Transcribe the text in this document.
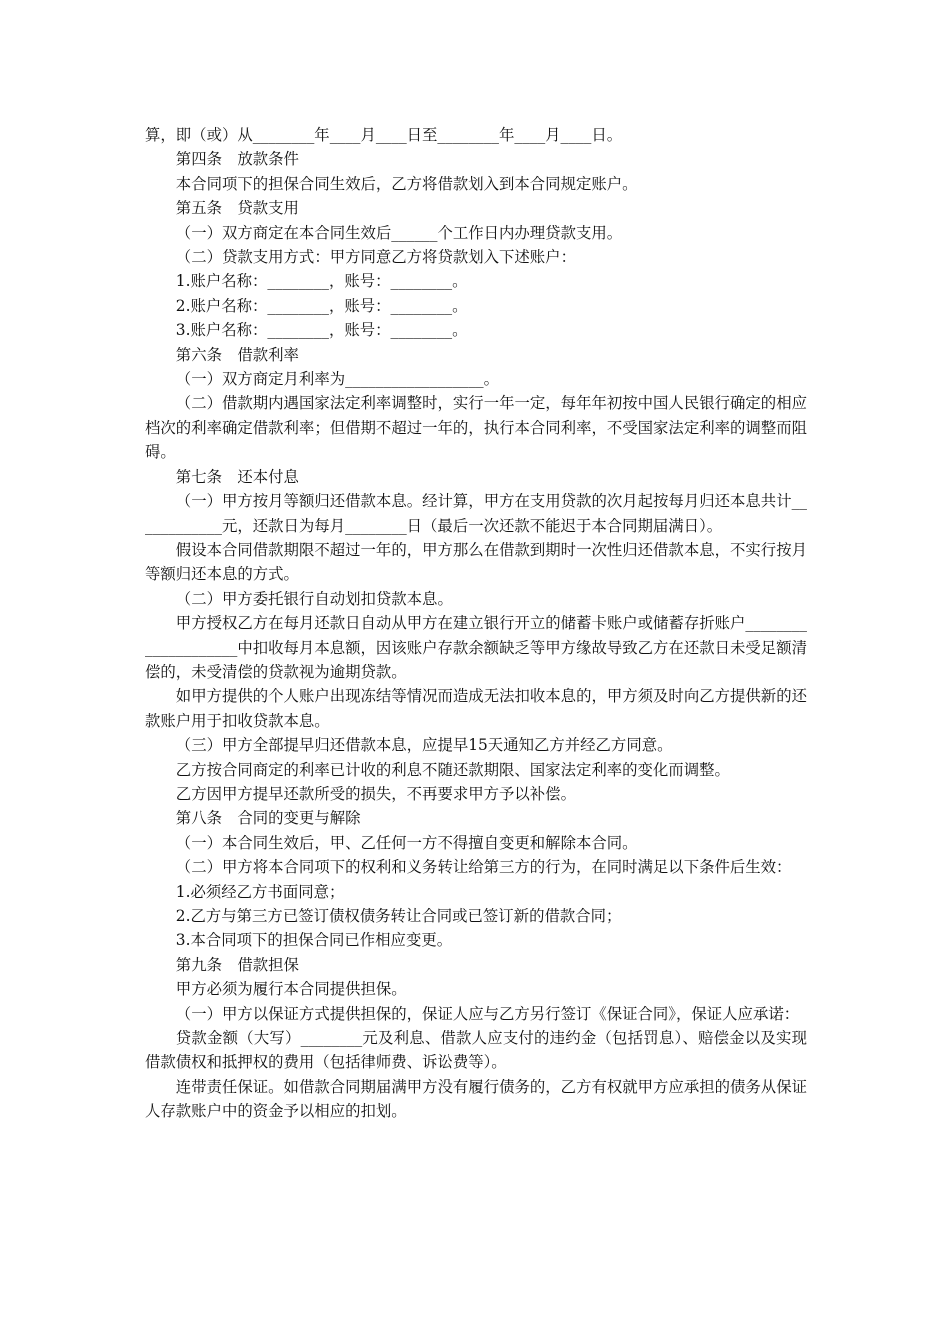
算，即（或）从________年____月____日至________年____月____日。
第四条　放款条件
本合同项下的担保合同生效后，乙方将借款划入到本合同规定账户。
第五条　贷款支用
（一）双方商定在本合同生效后______个工作日内办理贷款支用。
（二）贷款支用方式：甲方同意乙方将贷款划入下述账户：
1.账户名称：________，账号：________。
2.账户名称：________，账号：________。
3.账户名称：________，账号：________。
第六条　借款利率
（一）双方商定月利率为__________________。
（二）借款期内遇国家法定利率调整时，实行一年一定，每年年初按中国人民银行确定的相应档次的利率确定借款利率；但借期不超过一年的，执行本合同利率，不受国家法定利率的调整而阻碍。
第七条　还本付息
（一）甲方按月等额归还借款本息。经计算，甲方在支用贷款的次月起按每月归还本息共计____________元，还款日为每月________日（最后一次还款不能迟于本合同期届满日）。
假设本合同借款期限不超过一年的，甲方那么在借款到期时一次性归还借款本息，不实行按月等额归还本息的方式。
（二）甲方委托银行自动划扣贷款本息。
甲方授权乙方在每月还款日自动从甲方在建立银行开立的储蓄卡账户或储蓄存折账户____________________中扣收每月本息额，因该账户存款余额缺乏等甲方缘故导致乙方在还款日未受足额清偿的，未受清偿的贷款视为逾期贷款。
如甲方提供的个人账户出现冻结等情况而造成无法扣收本息的，甲方须及时向乙方提供新的还款账户用于扣收贷款本息。
（三）甲方全部提早归还借款本息，应提早15天通知乙方并经乙方同意。
乙方按合同商定的利率已计收的利息不随还款期限、国家法定利率的变化而调整。
乙方因甲方提早还款所受的损失，不再要求甲方予以补偿。
第八条　合同的变更与解除
（一）本合同生效后，甲、乙任何一方不得擅自变更和解除本合同。
（二）甲方将本合同项下的权利和义务转让给第三方的行为，在同时满足以下条件后生效：
1.必须经乙方书面同意；
2.乙方与第三方已签订债权债务转让合同或已签订新的借款合同；
3.本合同项下的担保合同已作相应变更。
第九条　借款担保
甲方必须为履行本合同提供担保。
（一）甲方以保证方式提供担保的，保证人应与乙方另行签订《保证合同》，保证人应承诺：
贷款金额（大写）________元及利息、借款人应支付的违约金（包括罚息）、赔偿金以及实现借款债权和抵押权的费用（包括律师费、诉讼费等）。
连带责任保证。如借款合同期届满甲方没有履行债务的，乙方有权就甲方应承担的债务从保证人存款账户中的资金予以相应的扣划。
